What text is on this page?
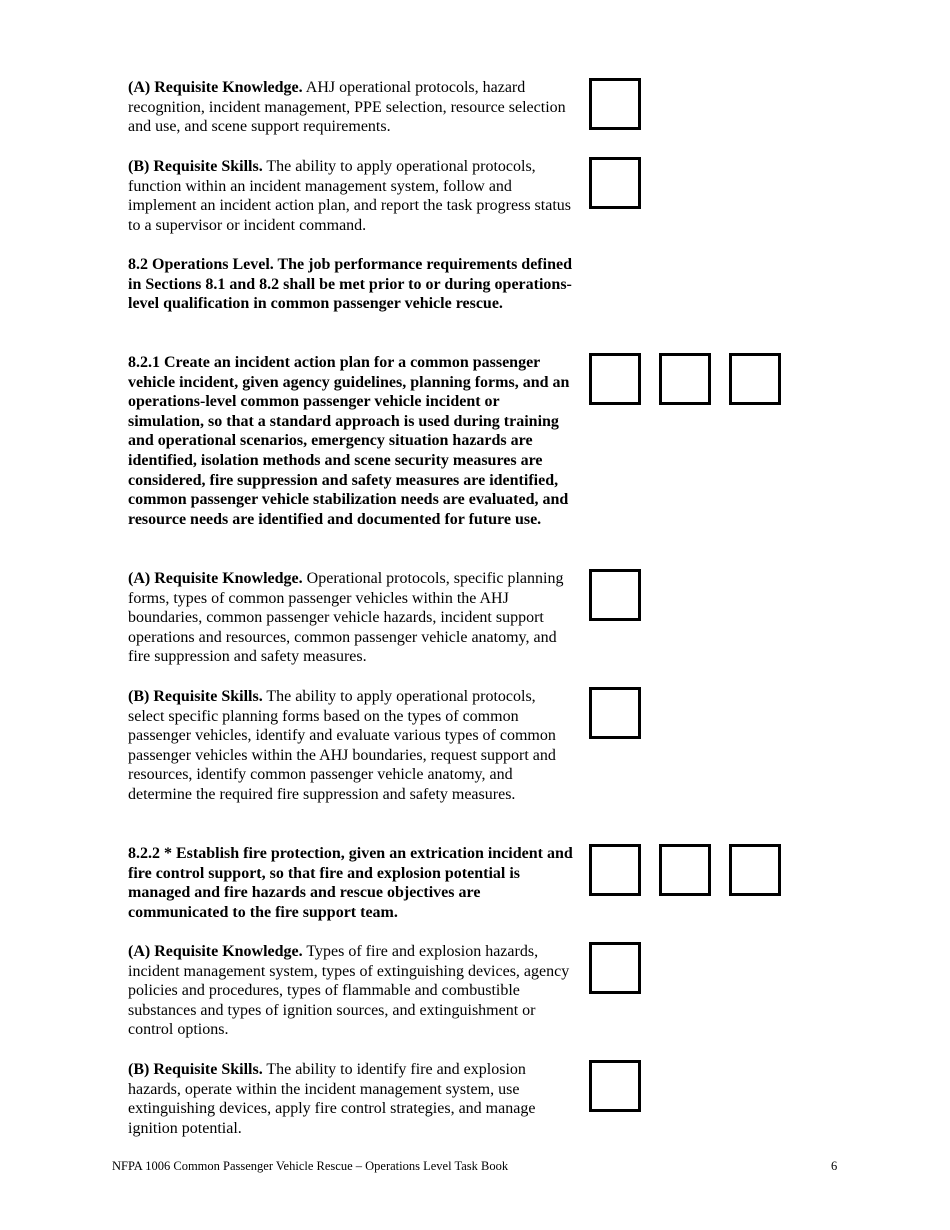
(A) Requisite Knowledge. AHJ operational protocols, hazard recognition, incident management, PPE selection, resource selection and use, and scene support requirements.

(B) Requisite Skills. The ability to apply operational protocols, function within an incident management system, follow and implement an incident action plan, and report the task progress status to a supervisor or incident command.

8.2 Operations Level. The job performance requirements defined in Sections 8.1 and 8.2 shall be met prior to or during operations-level qualification in common passenger vehicle rescue.

8.2.1 Create an incident action plan for a common passenger vehicle incident, given agency guidelines, planning forms, and an operations-level common passenger vehicle incident or simulation, so that a standard approach is used during training and operational scenarios, emergency situation hazards are identified, isolation methods and scene security measures are considered, fire suppression and safety measures are identified, common passenger vehicle stabilization needs are evaluated, and resource needs are identified and documented for future use.

(A) Requisite Knowledge. Operational protocols, specific planning forms, types of common passenger vehicles within the AHJ boundaries, common passenger vehicle hazards, incident support operations and resources, common passenger vehicle anatomy, and fire suppression and safety measures.

(B) Requisite Skills. The ability to apply operational protocols, select specific planning forms based on the types of common passenger vehicles, identify and evaluate various types of common passenger vehicles within the AHJ boundaries, request support and resources, identify common passenger vehicle anatomy, and determine the required fire suppression and safety measures.

8.2.2 * Establish fire protection, given an extrication incident and fire control support, so that fire and explosion potential is managed and fire hazards and rescue objectives are communicated to the fire support team.

(A) Requisite Knowledge. Types of fire and explosion hazards, incident management system, types of extinguishing devices, agency policies and procedures, types of flammable and combustible substances and types of ignition sources, and extinguishment or control options.

(B) Requisite Skills. The ability to identify fire and explosion hazards, operate within the incident management system, use extinguishing devices, apply fire control strategies, and manage ignition potential.

NFPA 1006 Common Passenger Vehicle Rescue – Operations Level Task Book	6
